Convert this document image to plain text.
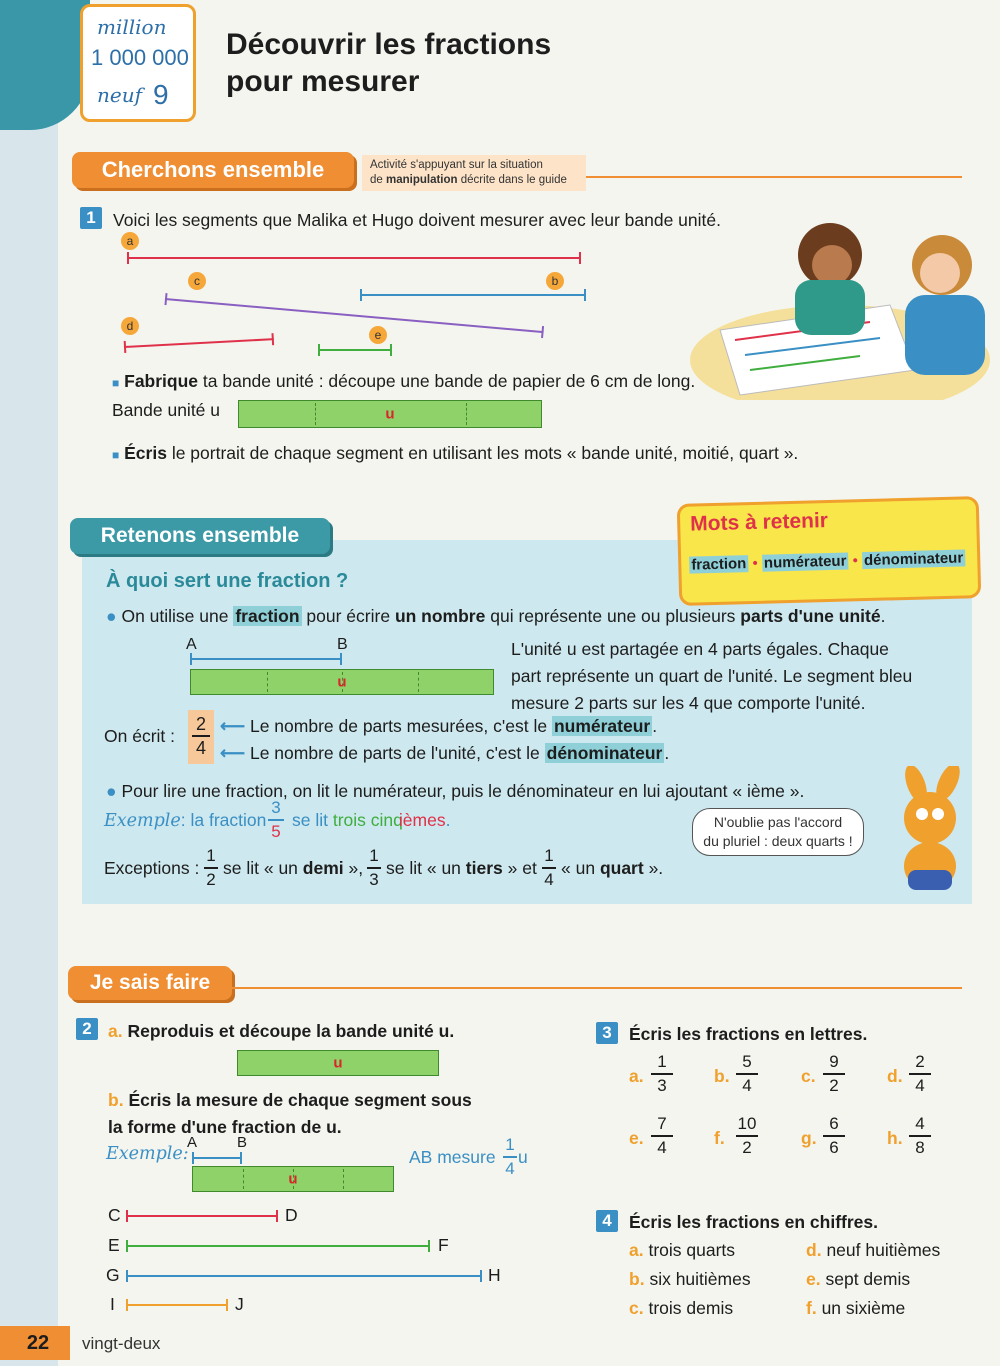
million
1 000 000
neuf 9
Découvrir les fractions
pour mesurer
Cherchons ensemble	Activité s'appuyant sur la situation
de manipulation décrite dans le guide
1 Voici les segments que Malika et Hugo doivent mesurer avec leur bande unité.
a
c	b
d
e
■ Fabrique ta bande unité : découpe une bande de papier de 6 cm de long.
Bande unité u	u
■ Écris le portrait de chaque segment en utilisant les mots « bande unité, moitié, quart ».
Retenons ensemble	Mots à retenir
fraction • numérateur • dénominateur
À quoi sert une fraction ?
● On utilise une fraction pour écrire un nombre qui représente une ou plusieurs parts d'une unité.
A	B
u
L'unité u est partagée en 4 parts égales. Chaque
part représente un quart de l'unité. Le segment bleu
mesure 2 parts sur les 4 que comporte l'unité.
On écrit :
2
4
⟵ Le nombre de parts mesurées, c'est le numérateur .
⟵ Le nombre de parts de l'unité, c'est le dénominateur .
● Pour lire une fraction, on lit le numérateur, puis le dénominateur en lui ajoutant « ième ».
Exemple: la fraction
3
5
se lit trois cinqièmes.
Exceptions :
1
2
se lit « un demi »,
1
3
se lit « un tiers » et
1
4
« un quart ».
N'oublie pas l'accord
du pluriel : deux quarts !
Je sais faire
2 a. Reproduis et découpe la bande unité u.
u
b. Écris la mesure de chaque segment sous
la forme d'une fraction de u.
Exemple:
A	B
u
AB mesure
1
4
u
C	D
E	F
G	H
I	J
3 Écris les fractions en lettres.
a.
1
3	b.
5
4	c.
9
2	d.
2
4
e.
7
4	f.
10
2	g.
6
6	h.
4
8
4 Écris les fractions en chiffres.
a. trois quarts
b. six huitièmes
c. trois demis
d. neuf huitièmes
e. sept demis
f. un sixième
22	vingt-deux
